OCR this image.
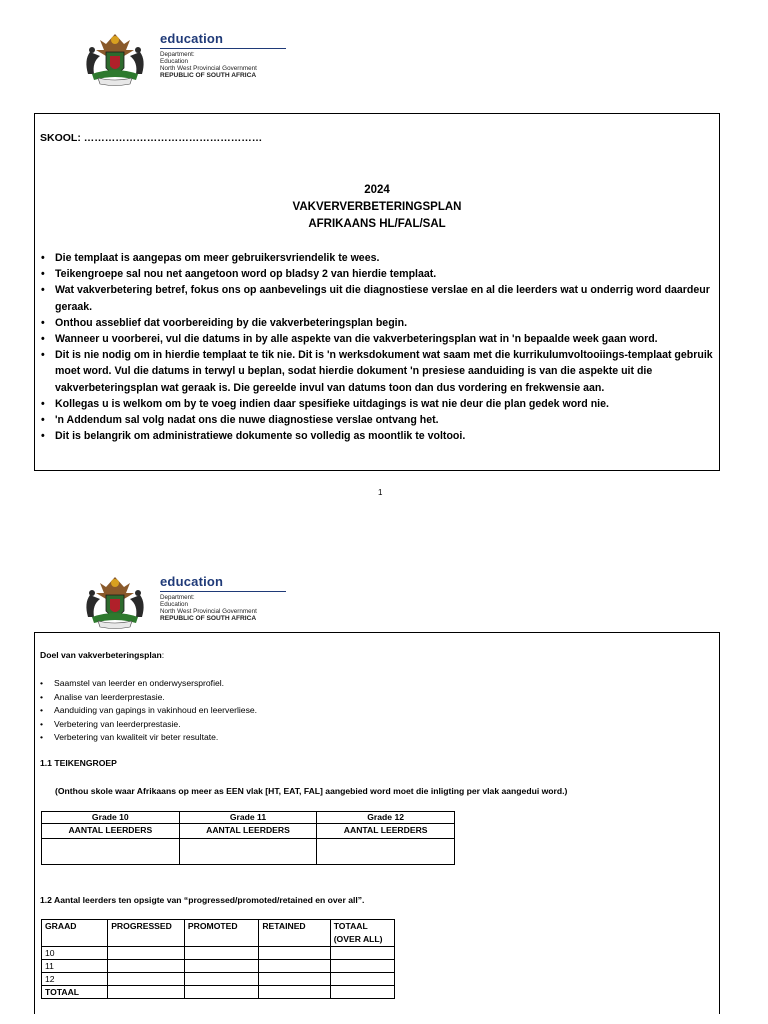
education
Department:
Education
North West Provincial Government
REPUBLIC OF SOUTH AFRICA
SKOOL: ……………………………………………
2024
VAKVERVERBETERINGSPLAN
AFRIKAANS HL/FAL/SAL
• Die templaat is aangepas om meer gebruikersvriendelik te wees.
• Teikengroepe sal nou net aangetoon word op bladsy 2 van hierdie templaat.
• Wat vakverbetering betref, fokus ons op aanbevelings uit die diagnostiese verslae en al die leerders wat u onderrig word daardeur geraak.
• Onthou asseblief dat voorbereiding by die vakverbeteringsplan begin.
• Wanneer u voorberei, vul die datums in by alle aspekte van die vakverbeteringsplan wat in 'n bepaalde week gaan word.
• Dit is nie nodig om in hierdie templaat te tik nie. Dit is 'n werksdokument wat saam met die kurrikulumvoltooiings-templaat gebruik moet word. Vul die datums in terwyl u beplan, sodat hierdie dokument 'n presiese aanduiding is van die aspekte uit die vakverbeteringsplan wat geraak is. Die gereelde invul van datums toon dan dus vordering en frekwensie aan.
• Kollegas u is welkom om by te voeg indien daar spesifieke uitdagings is wat nie deur die plan gedek word nie.
• 'n Addendum sal volg nadat ons die nuwe diagnostiese verslae ontvang het.
• Dit is belangrik om administratiewe dokumente so volledig as moontlik te voltooi.
1
education
Department:
Education
North West Provincial Government
REPUBLIC OF SOUTH AFRICA
Doel van vakverbeteringsplan:
• Saamstel van leerder en onderwysersprofiel.
• Analise van leerderprestasie.
• Aanduiding van gapings in vakinhoud en leerverliese.
• Verbetering van leerderprestasie.
• Verbetering van kwaliteit vir beter resultate.
1.1 TEIKENGROEP
(Onthou skole waar Afrikaans op meer as EEN vlak [HT, EAT, FAL] aangebied word moet die inligting per vlak aangedui word.)
Grade 10	Grade 11	Grade 12
AANTAL LEERDERS	AANTAL LEERDERS	AANTAL LEERDERS

1.2 Aantal leerders ten opsigte van “progressed/promoted/retained en over all”.
GRAAD	PROGRESSED	PROMOTED	RETAINED	TOTAAL (OVER ALL)
10				
11				
12				
TOTAAL				
